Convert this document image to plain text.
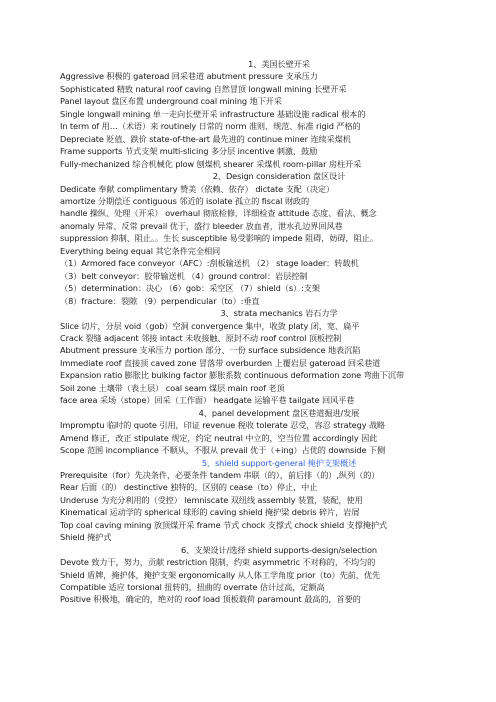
1、美国长壁开采
Aggressive 积极的 gateroad 回采巷道 abutment pressure 支承压力
Sophisticated 精致 natural roof caving 自然冒顶 longwall mining 长壁开采
Panel layout 盘区布置 underground coal mining 地下开采
Single longwall mining 单一走向长壁开采 infrastructure 基础设施 radical 根本的
In term of 用…（术语）来 routinely 日常的 norm 准则、规范、标准 rigid 严格的
Depreciate 贬值、跌价 state-of-the-art 最先进的 continue miner 连续采煤机
Frame supports 节式支架 multi-slicing 多分层 incentive 刺激，鼓励
Fully-mechanized 综合机械化 plow 刨煤机 shearer 采煤机 room-pillar 房柱开采
2、Design consideration 盘区设计
Dedicate 奉献 complimentary 赞美（依赖、依存） dictate 支配（决定）
amortize 分期偿还 contiguous 邻近的 isolate 孤立的 fiscal 财政的
handle 操纵、处理（开采） overhaul 彻底检修，详细检查 attitude 态度、看法、概念
anomaly 异常、反常 prevail 优于，盛行 bleeder 放血者，泄水孔边界回风巷
suppression 抑制、阻止。。生长 susceptible 易受影响的 impede 阻碍，妨碍，阻止。
Everything being equal 其它条件完全相同
（1）Armored face conveyor（AFC）:刮板输送机 （2） stage loader：转载机
（3）belt conveyor：胶带输送机 （4）ground control：岩层控制
（5）determination：决心 （6）gob：采空区 （7）shield（s）:支架
（8）fracture：裂隙 （9）perpendicular（to）:垂直
3、strata mechanics 岩石力学
Slice 切片，分层 void（gob）空洞 convergence 集中，收敛 platy 闭，宽、扁平
Crack 裂缝 adjacent 邻接 intact 未收接触、原封不动 roof control 顶板控制
Abutment pressure 支承压力 portion 部分、一份 surface subsidence 地表沉陷
Immediate roof 直接顶 caved zone 冒落带 overburden 上覆岩层 gateroad 回采巷道
Expansion ratio 膨胀比 bulking factor 膨胀系数 continuous deformation zone 弯曲下沉带
Soil zone 土壤带（表土层） coal seam 煤层 main roof 老顶
face area 采场（stope）回采（工作面） headgate 运输平巷 tailgate 回风平巷
4、panel development 盘区巷道掘进/发展
Impromptu 临时的 quote 引用，印证 revenue 税收 tolerate 忍受，容忍 strategy 战略
Amend 修正，改正 stipulate 规定，约定 neutral 中立的，空当位置 accordingly 因此
Scope 范围 incompliance 不顺从，不服从 prevail 优于（+ing）占优的 downside 下侧
5、shield support-general 掩护支架概述
Prerequisite（for）先决条件，必要条件 tandem 串联（的），前后排（的）,纵列（的）
Rear 后面（的） destinctive 独特的，区别的 cease（to）停止，中止
Underuse 为充分利用的（受控） lemniscate 双纽线 assembly 装置，装配，使用
Kinematical 运动学的 spherical 球形的 caving shield 掩护梁 debris 碎片，岩屑
Top coal caving mining 放顶煤开采 frame 节式 chock 支撑式 chock shield 支撑掩护式
Shield 掩护式
6、支架设计/选择 shield supports-design/selection
Devote 致力于，努力，贡献 restriction 限制，约束 asymmetric 不对称的，不均匀的
Shield 盾牌，掩护体，掩护支架 ergonomically 从人体工学角度 prior（to）先前，优先
Compatible 适应 torsional 扭转的，扭曲的 overrate 估计过高，定额高
Positive 积极地，确定的，绝对的 roof load 顶板载荷 paramount 最高的，首要的
